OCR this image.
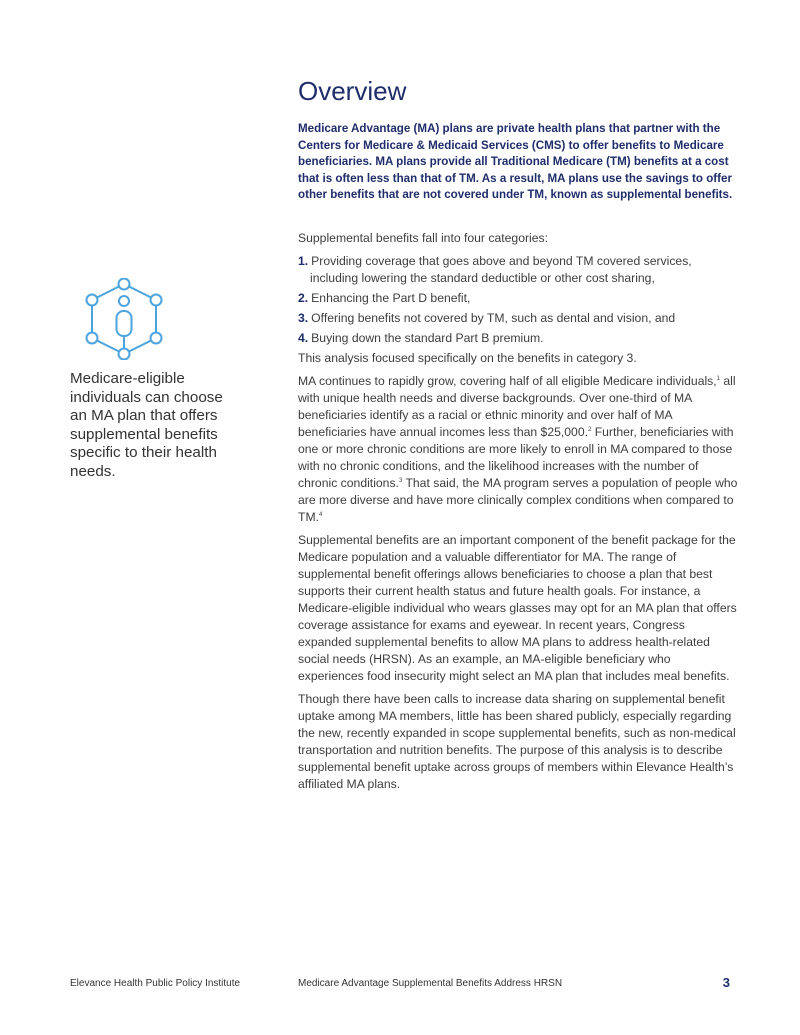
Medicare-eligible individuals can choose an MA plan that offers supplemental benefits specific to their health needs.

Overview

Medicare Advantage (MA) plans are private health plans that partner with the Centers for Medicare & Medicaid Services (CMS) to offer benefits to Medicare beneficiaries. MA plans provide all Traditional Medicare (TM) benefits at a cost that is often less than that of TM. As a result, MA plans use the savings to offer other benefits that are not covered under TM, known as supplemental benefits.

Supplemental benefits fall into four categories:

1. Providing coverage that goes above and beyond TM covered services, including lowering the standard deductible or other cost sharing,
2. Enhancing the Part D benefit,
3. Offering benefits not covered by TM, such as dental and vision, and
4. Buying down the standard Part B premium.

This analysis focused specifically on the benefits in category 3.

MA continues to rapidly grow, covering half of all eligible Medicare individuals,$^1$ all with unique health needs and diverse backgrounds. Over one-third of MA beneficiaries identify as a racial or ethnic minority and over half of MA beneficiaries have annual incomes less than $25,000.$^2$ Further, beneficiaries with one or more chronic conditions are more likely to enroll in MA compared to those with no chronic conditions, and the likelihood increases with the number of chronic conditions.$^3$ That said, the MA program serves a population of people who are more diverse and have more clinically complex conditions when compared to TM.$^4$

Supplemental benefits are an important component of the benefit package for the Medicare population and a valuable differentiator for MA. The range of supplemental benefit offerings allows beneficiaries to choose a plan that best supports their current health status and future health goals. For instance, a Medicare-eligible individual who wears glasses may opt for an MA plan that offers coverage assistance for exams and eyewear. In recent years, Congress expanded supplemental benefits to allow MA plans to address health-related social needs (HRSN). As an example, an MA-eligible beneficiary who experiences food insecurity might select an MA plan that includes meal benefits.

Though there have been calls to increase data sharing on supplemental benefit uptake among MA members, little has been shared publicly, especially regarding the new, recently expanded in scope supplemental benefits, such as non-medical transportation and nutrition benefits. The purpose of this analysis is to describe supplemental benefit uptake across groups of members within Elevance Health’s affiliated MA plans.

Elevance Health Public Policy Institute	Medicare Advantage Supplemental Benefits Address HRSN	3
